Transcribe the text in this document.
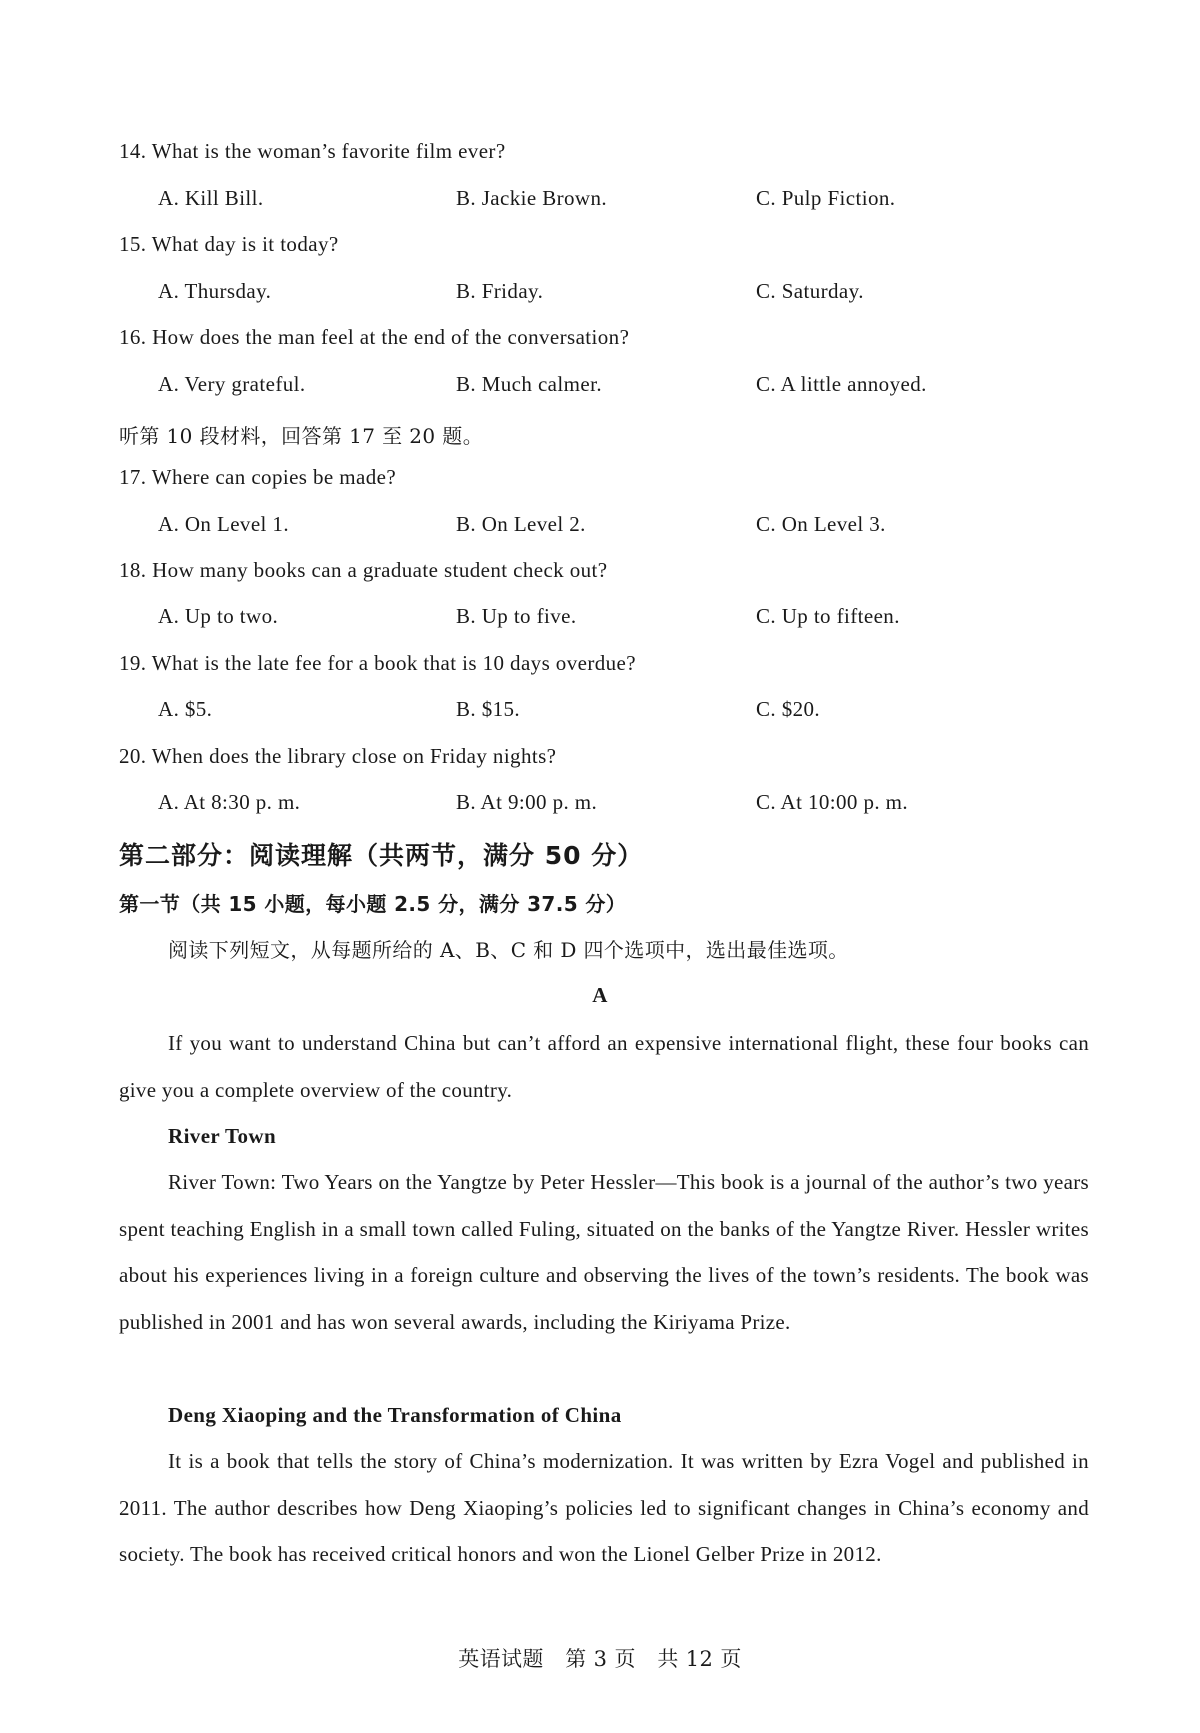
14. What is the woman’s favorite film ever?
A. Kill Bill.	B. Jackie Brown.	C. Pulp Fiction.
15. What day is it today?
A. Thursday.	B. Friday.	C. Saturday.
16. How does the man feel at the end of the conversation?
A. Very grateful.	B. Much calmer.	C. A little annoyed.
听第 10 段材料，回答第 17 至 20 题。
17. Where can copies be made?
A. On Level 1.	B. On Level 2.	C. On Level 3.
18. How many books can a graduate student check out?
A. Up to two.	B. Up to five.	C. Up to fifteen.
19. What is the late fee for a book that is 10 days overdue?
A. $5.	B. $15.	C. $20.
20. When does the library close on Friday nights?
A. At 8:30 p. m.	B. At 9:00 p. m.	C. At 10:00 p. m.
第二部分：阅读理解（共两节，满分 50 分）
第一节（共 15 小题，每小题 2.5 分，满分 37.5 分）
阅读下列短文，从每题所给的 A、B、C 和 D 四个选项中，选出最佳选项。
A
If you want to understand China but can’t afford an expensive international flight, these four books can give you a complete overview of the country.
River Town
River Town: Two Years on the Yangtze by Peter Hessler—This book is a journal of the author’s two years spent teaching English in a small town called Fuling, situated on the banks of the Yangtze River. Hessler writes about his experiences living in a foreign culture and observing the lives of the town’s residents. The book was published in 2001 and has won several awards, including the Kiriyama Prize.
Deng Xiaoping and the Transformation of China
It is a book that tells the story of China’s modernization. It was written by Ezra Vogel and published in 2011. The author describes how Deng Xiaoping’s policies led to significant changes in China’s economy and society. The book has received critical honors and won the Lionel Gelber Prize in 2012.
英语试题　第 3 页　共 12 页
